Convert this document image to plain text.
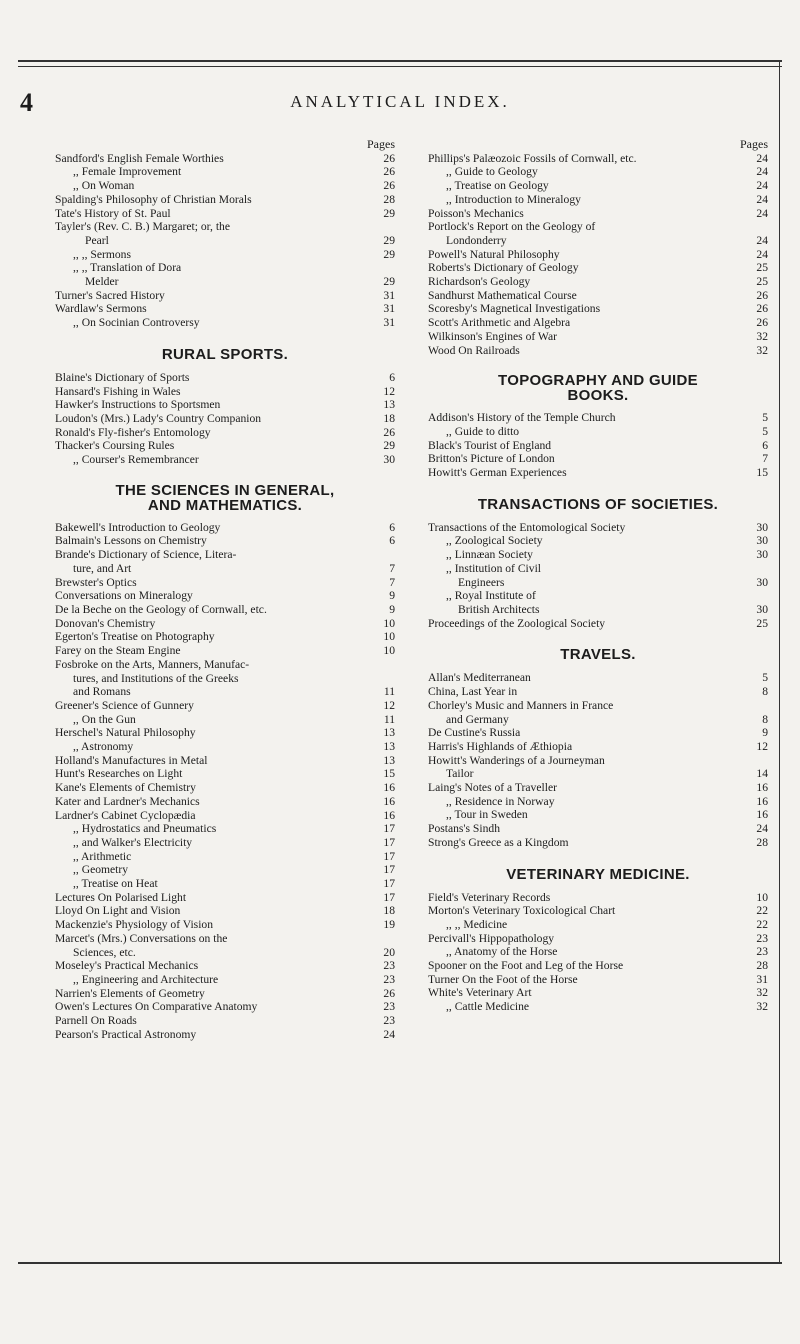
4	ANALYTICAL INDEX.
Pages
Sandford's English Female Worthies	26
,, Female Improvement	26
,, On Woman	26
Spalding's Philosophy of Christian Morals	28
Tate's History of St. Paul	29
Tayler's (Rev. C. B.) Margaret; or, the
Pearl	29
,, ,, Sermons	29
,, ,, Translation of Dora
Melder	29
Turner's Sacred History	31
Wardlaw's Sermons	31
,, On Socinian Controversy	31
RURAL SPORTS.
Blaine's Dictionary of Sports	6
Hansard's Fishing in Wales	12
Hawker's Instructions to Sportsmen	13
Loudon's (Mrs.) Lady's Country Companion	18
Ronald's Fly-fisher's Entomology	26
Thacker's Coursing Rules	29
,, Courser's Remembrancer	30
THE SCIENCES IN GENERAL,
AND MATHEMATICS.
Bakewell's Introduction to Geology	6
Balmain's Lessons on Chemistry	6
Brande's Dictionary of Science, Litera-
ture, and Art	7
Brewster's Optics	7
Conversations on Mineralogy	9
De la Beche on the Geology of Cornwall, etc.	9
Donovan's Chemistry	10
Egerton's Treatise on Photography	10
Farey on the Steam Engine	10
Fosbroke on the Arts, Manners, Manufac-
tures, and Institutions of the Greeks
and Romans	11
Greener's Science of Gunnery	12
,, On the Gun	11
Herschel's Natural Philosophy	13
,, Astronomy	13
Holland's Manufactures in Metal	13
Hunt's Researches on Light	15
Kane's Elements of Chemistry	16
Kater and Lardner's Mechanics	16
Lardner's Cabinet Cyclopædia	16
,, Hydrostatics and Pneumatics	17
,, and Walker's Electricity	17
,, Arithmetic	17
,, Geometry	17
,, Treatise on Heat	17
Lectures On Polarised Light	17
Lloyd On Light and Vision	18
Mackenzie's Physiology of Vision	19
Marcet's (Mrs.) Conversations on the
Sciences, etc.	20
Moseley's Practical Mechanics	23
,, Engineering and Architecture	23
Narrien's Elements of Geometry	26
Owen's Lectures On Comparative Anatomy	23
Parnell On Roads	23
Pearson's Practical Astronomy	24
Pages
Phillips's Palæozoic Fossils of Cornwall, etc.	24
,, Guide to Geology	24
,, Treatise on Geology	24
,, Introduction to Mineralogy	24
Poisson's Mechanics	24
Portlock's Report on the Geology of
Londonderry	24
Powell's Natural Philosophy	24
Roberts's Dictionary of Geology	25
Richardson's Geology	25
Sandhurst Mathematical Course	26
Scoresby's Magnetical Investigations	26
Scott's Arithmetic and Algebra	26
Wilkinson's Engines of War	32
Wood On Railroads	32
TOPOGRAPHY AND GUIDE
BOOKS.
Addison's History of the Temple Church	5
,, Guide to ditto	5
Black's Tourist of England	6
Britton's Picture of London	7
Howitt's German Experiences	15
TRANSACTIONS OF SOCIETIES.
Transactions of the Entomological Society	30
,, Zoological Society	30
,, Linnæan Society	30
,, Institution of Civil
Engineers	30
,, Royal Institute of
British Architects	30
Proceedings of the Zoological Society	25
TRAVELS.
Allan's Mediterranean	5
China, Last Year in	8
Chorley's Music and Manners in France
and Germany	8
De Custine's Russia	9
Harris's Highlands of Æthiopia	12
Howitt's Wanderings of a Journeyman
Tailor	14
Laing's Notes of a Traveller	16
,, Residence in Norway	16
,, Tour in Sweden	16
Postans's Sindh	24
Strong's Greece as a Kingdom	28
VETERINARY MEDICINE.
Field's Veterinary Records	10
Morton's Veterinary Toxicological Chart	22
,, ,, Medicine	22
Percivall's Hippopathology	23
,, Anatomy of the Horse	23
Spooner on the Foot and Leg of the Horse	28
Turner On the Foot of the Horse	31
White's Veterinary Art	32
,, Cattle Medicine	32
